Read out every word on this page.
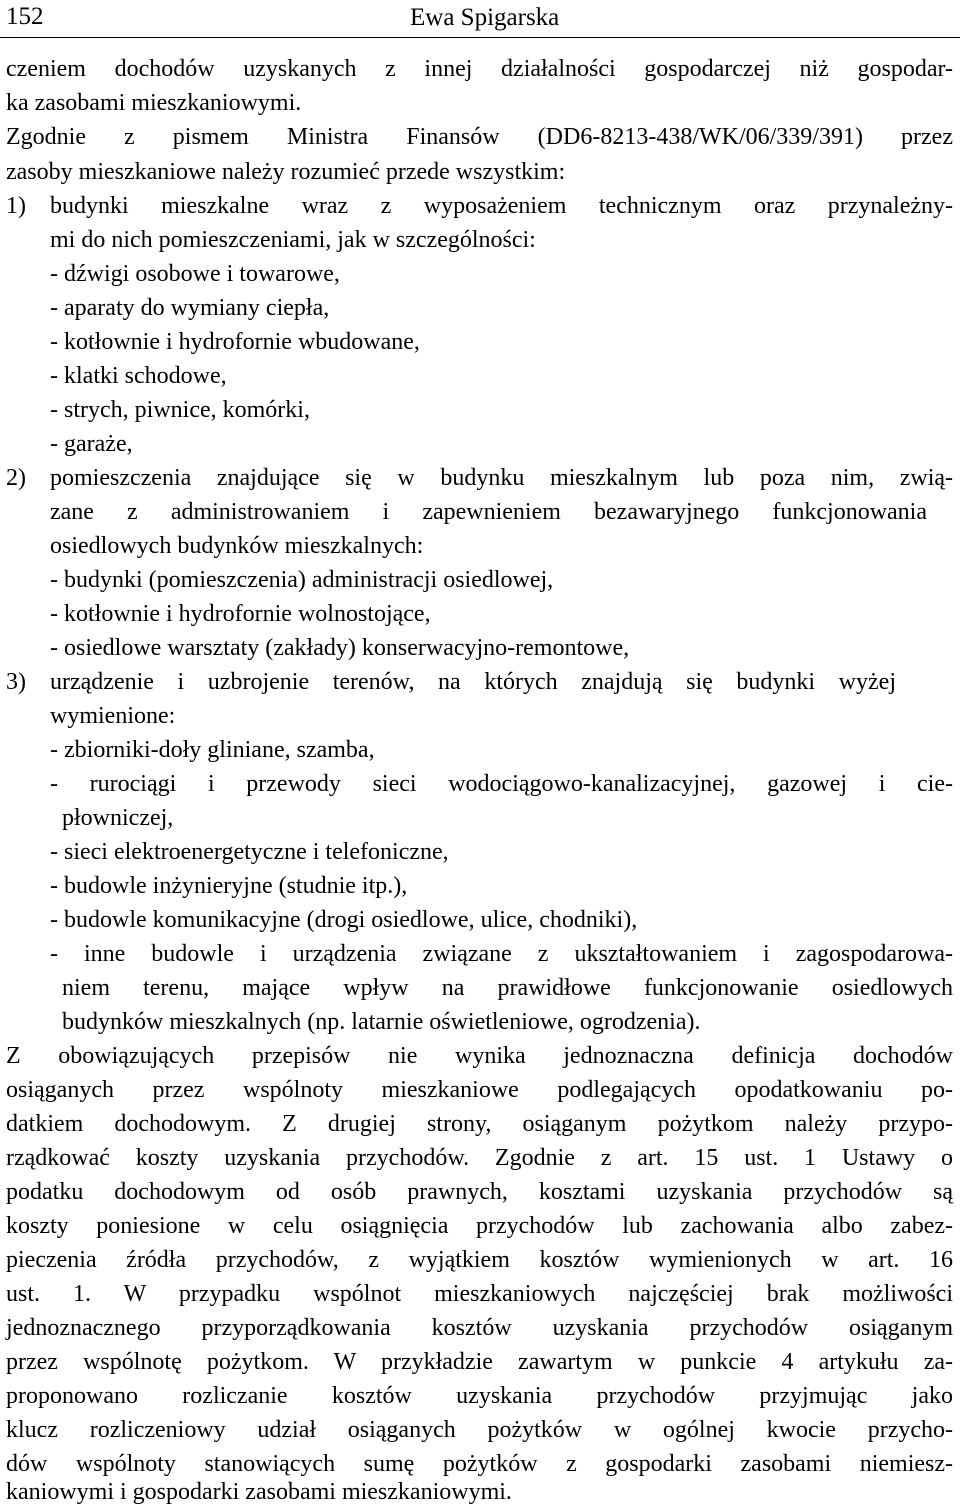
152	Ewa Spigarska
czeniem dochodów uzyskanych z innej działalności gospodarczej niż gospodar-
ka zasobami mieszkaniowymi.
Zgodnie z pismem Ministra Finansów (DD6-8213-438/WK/06/339/391) przez
zasoby mieszkaniowe należy rozumieć przede wszystkim:
1) budynki mieszkalne wraz z wyposażeniem technicznym oraz przynależny-
mi do nich pomieszczeniami, jak w szczególności:
- dźwigi osobowe i towarowe,
- aparaty do wymiany ciepła,
- kotłownie i hydrofornie wbudowane,
- klatki schodowe,
- strych, piwnice, komórki,
- garaże,
2) pomieszczenia znajdujące się w budynku mieszkalnym lub poza nim, zwią-
zane z administrowaniem i zapewnieniem bezawaryjnego funkcjonowania
osiedlowych budynków mieszkalnych:
- budynki (pomieszczenia) administracji osiedlowej,
- kotłownie i hydrofornie wolnostojące,
- osiedlowe warsztaty (zakłady) konserwacyjno-remontowe,
3) urządzenie i uzbrojenie terenów, na których znajdują się budynki wyżej
wymienione:
- zbiorniki-doły gliniane, szamba,
- rurociągi i przewody sieci wodociągowo-kanalizacyjnej, gazowej i cie-
płowniczej,
- sieci elektroenergetyczne i telefoniczne,
- budowle inżynieryjne (studnie itp.),
- budowle komunikacyjne (drogi osiedlowe, ulice, chodniki),
- inne budowle i urządzenia związane z ukształtowaniem i zagospodarowa-
niem terenu, mające wpływ na prawidłowe funkcjonowanie osiedlowych
budynków mieszkalnych (np. latarnie oświetleniowe, ogrodzenia).
Z obowiązujących przepisów nie wynika jednoznaczna definicja dochodów
osiąganych przez wspólnoty mieszkaniowe podlegających opodatkowaniu po-
datkiem dochodowym. Z drugiej strony, osiąganym pożytkom należy przypo-
rządkować koszty uzyskania przychodów. Zgodnie z art. 15 ust. 1 Ustawy o
podatku dochodowym od osób prawnych, kosztami uzyskania przychodów są
koszty poniesione w celu osiągnięcia przychodów lub zachowania albo zabez-
pieczenia źródła przychodów, z wyjątkiem kosztów wymienionych w art. 16
ust. 1. W przypadku wspólnot mieszkaniowych najczęściej brak możliwości
jednoznacznego przyporządkowania kosztów uzyskania przychodów osiąganym
przez wspólnotę pożytkom. W przykładzie zawartym w punkcie 4 artykułu za-
proponowano rozliczanie kosztów uzyskania przychodów przyjmując jako
klucz rozliczeniowy udział osiąganych pożytków w ogólnej kwocie przycho-
dów wspólnoty stanowiących sumę pożytków z gospodarki zasobami niemiesz-
kaniowymi i gospodarki zasobami mieszkaniowymi.
